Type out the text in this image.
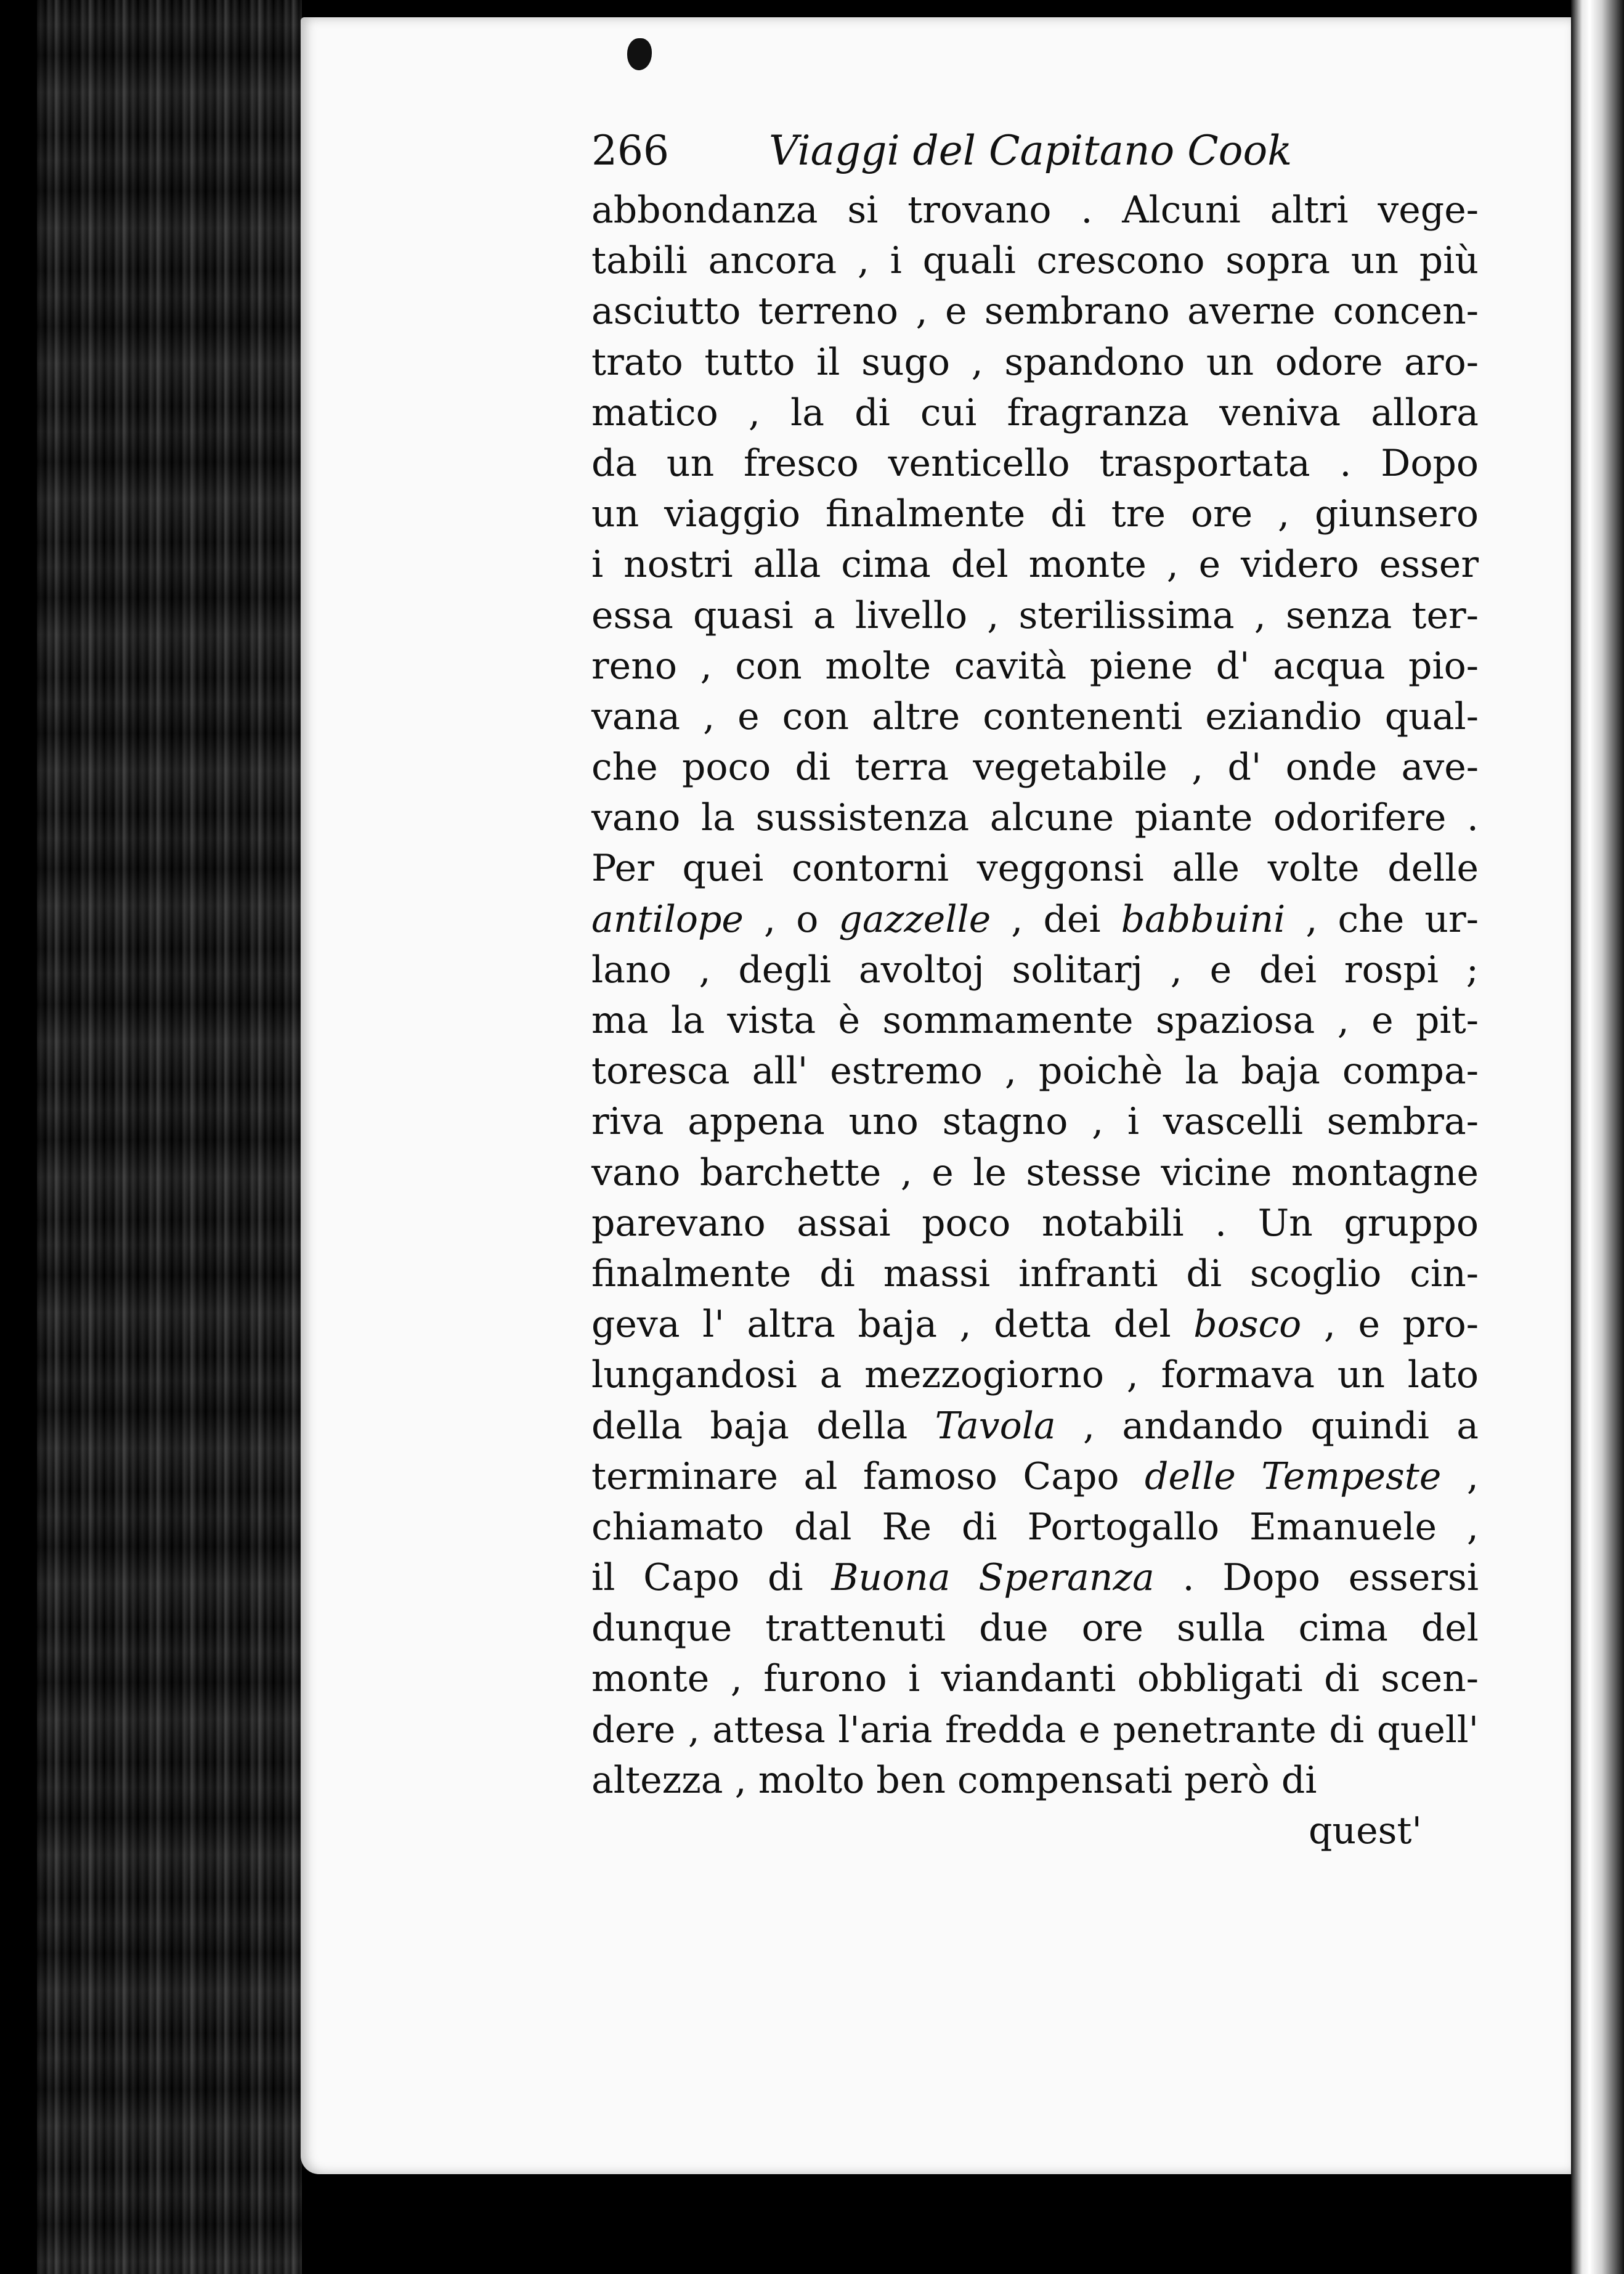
266 Viaggi del Capitano Cook
abbondanza si trovano . Alcuni altri vege-
tabili ancora , i quali crescono sopra un più
asciutto terreno , e sembrano averne concen-
trato tutto il sugo , spandono un odore aro-
matico , la di cui fragranza veniva allora
da un fresco venticello trasportata . Dopo
un viaggio finalmente di tre ore , giunsero
i nostri alla cima del monte , e videro esser
essa quasi a livello , sterilissima , senza ter-
reno , con molte cavità piene d' acqua pio-
vana , e con altre contenenti eziandio qual-
che poco di terra vegetabile , d' onde ave-
vano la sussistenza alcune piante odorifere .
Per quei contorni veggonsi alle volte delle
antilope , o gazzelle , dei babbuini , che ur-
lano , degli avoltoj solitarj , e dei rospi ;
ma la vista è sommamente spaziosa , e pit-
toresca all' estremo , poichè la baja compa-
riva appena uno stagno , i vascelli sembra-
vano barchette , e le stesse vicine montagne
parevano assai poco notabili . Un gruppo
finalmente di massi infranti di scoglio cin-
geva l' altra baja , detta del bosco , e pro-
lungandosi a mezzogiorno , formava un lato
della baja della Tavola , andando quindi a
terminare al famoso Capo delle Tempeste ,
chiamato dal Re di Portogallo Emanuele ,
il Capo di Buona Speranza . Dopo essersi
dunque trattenuti due ore sulla cima del
monte , furono i viandanti obbligati di scen-
dere , attesa l'aria fredda e penetrante di quell'
altezza , molto ben compensati però di
quest'
